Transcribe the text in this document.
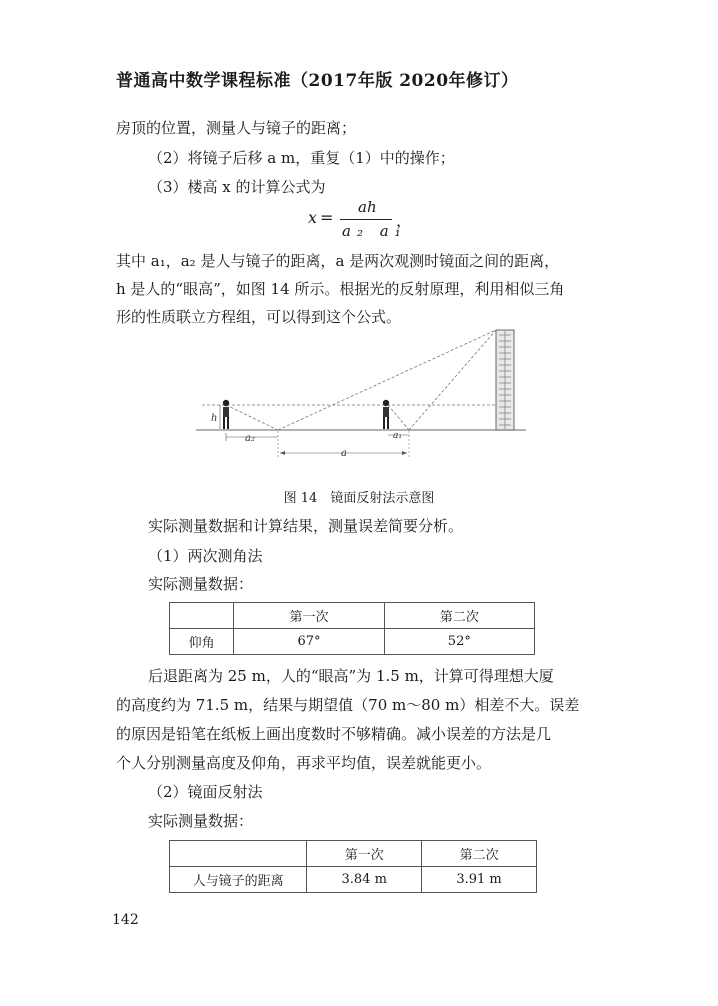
普通高中数学课程标准（2017年版 2020年修订）
房顶的位置，测量人与镜子的距离；
（2）将镜子后移 a m，重复（1）中的操作；
（3）楼高 x 的计算公式为
x =
ah
a₂ a₁
，
其中 a₁，a₂ 是人与镜子的距离，a 是两次观测时镜面之间的距离，
h 是人的“眼高”，如图 14 所示。根据光的反射原理，利用相似三角
形的性质联立方程组，可以得到这个公式。
h
a₂	a₁
a
图 14　镜面反射法示意图
实际测量数据和计算结果，测量误差简要分析。
（1）两次测角法
实际测量数据：
	第一次	第二次
仰角	67°	52°
后退距离为 25 m，人的“眼高”为 1.5 m，计算可得理想大厦
的高度约为 71.5 m，结果与期望值（70 m～80 m）相差不大。误差
的原因是铅笔在纸板上画出度数时不够精确。减小误差的方法是几
个人分别测量高度及仰角，再求平均值，误差就能更小。
（2）镜面反射法
实际测量数据：
	第一次	第二次
人与镜子的距离	3.84 m	3.91 m
142
